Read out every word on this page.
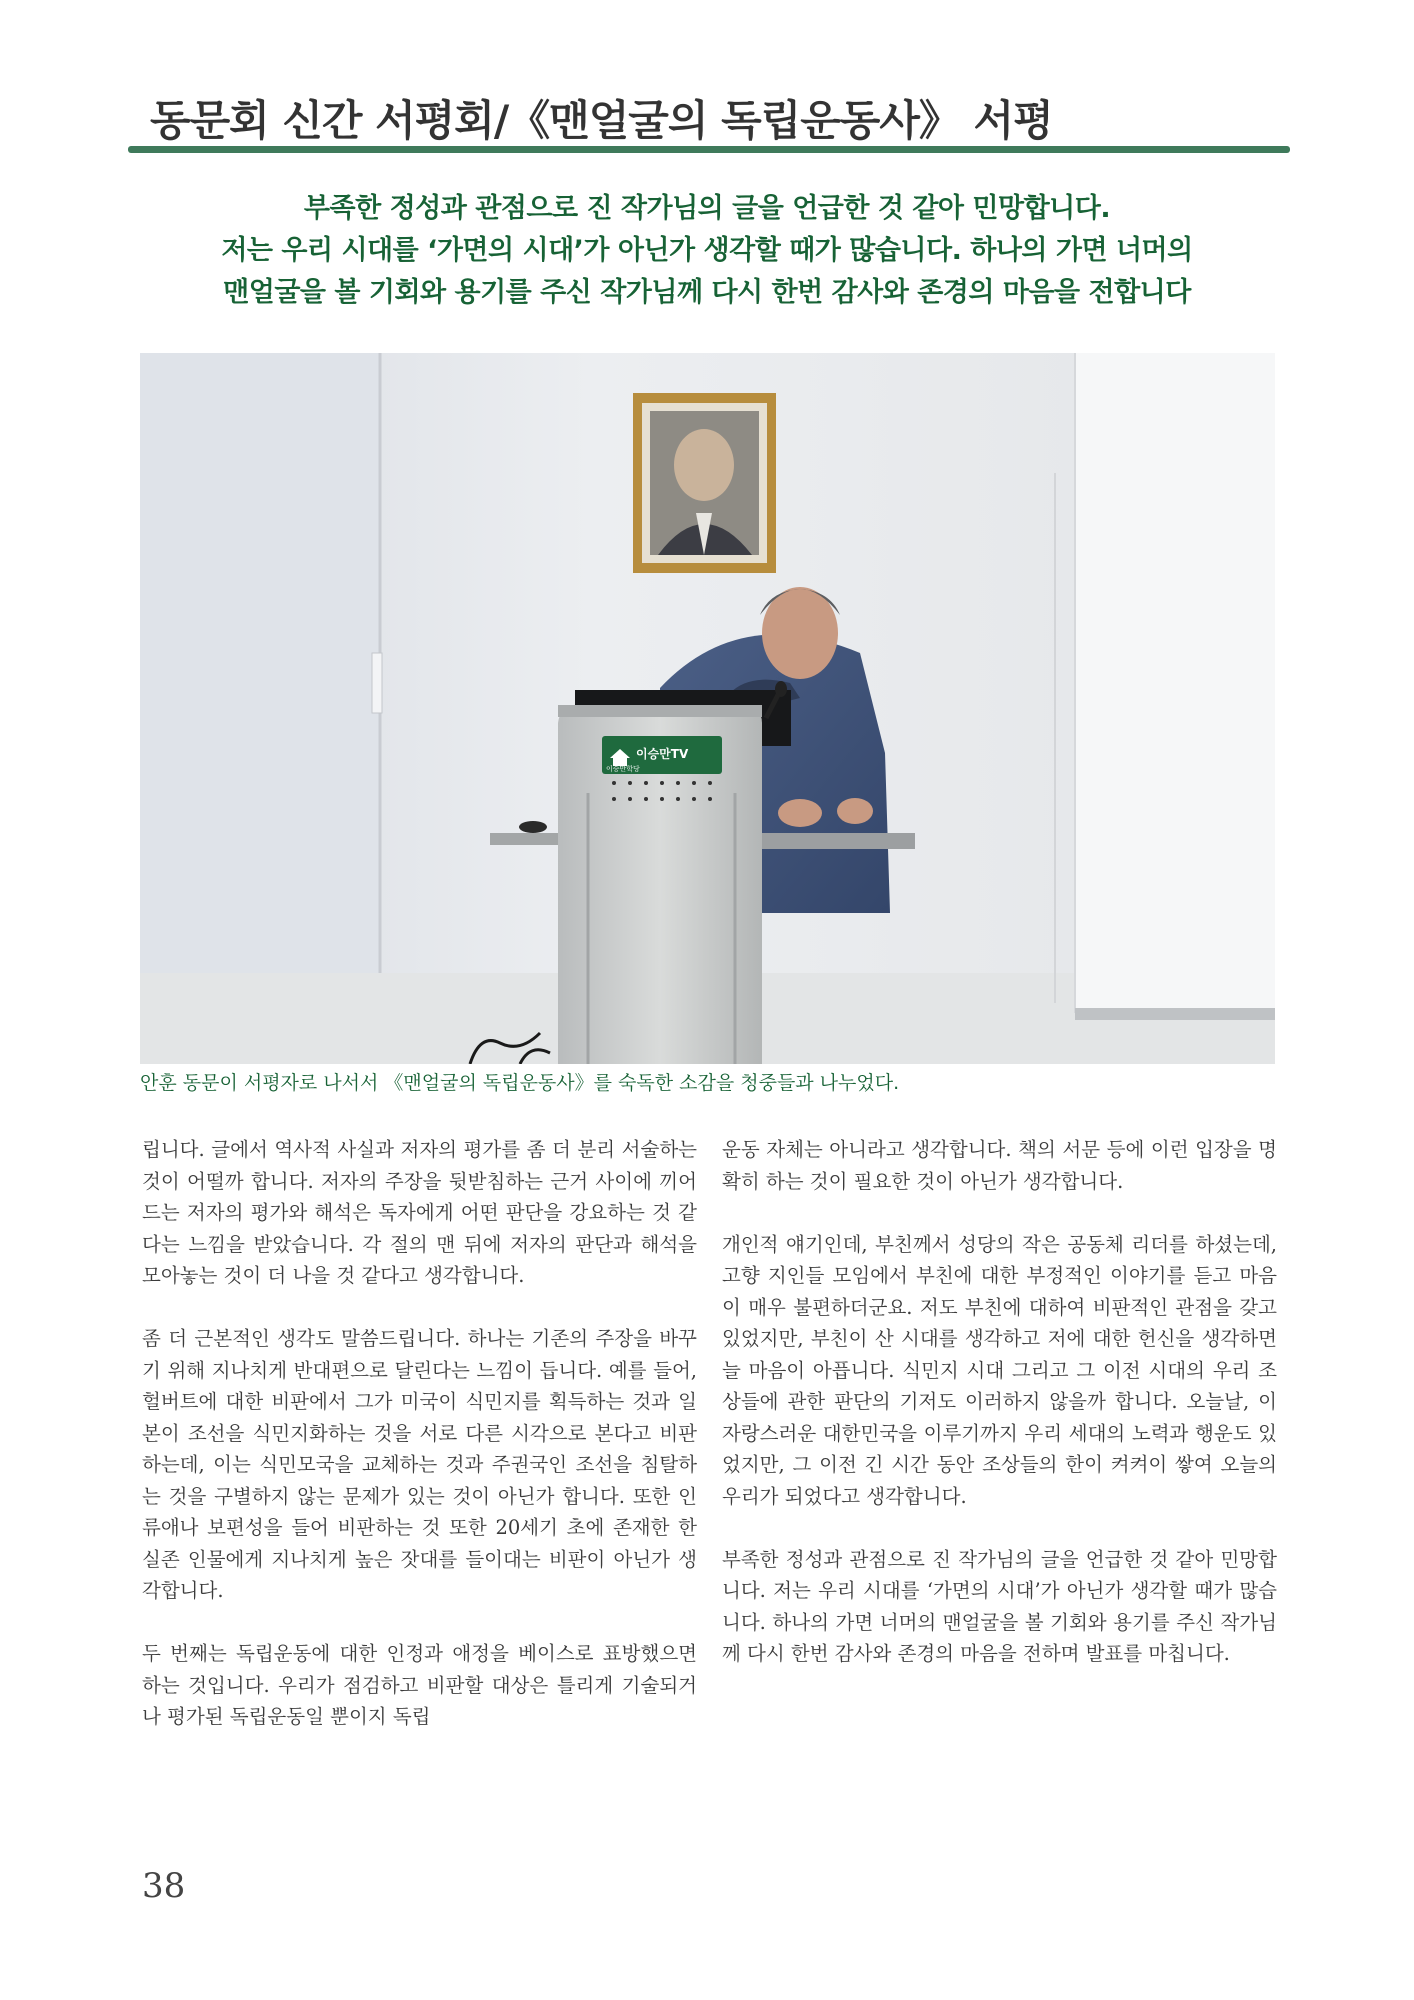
동문회 신간 서평회/《맨얼굴의 독립운동사》 서평
부족한 정성과 관점으로 진 작가님의 글을 언급한 것 같아 민망합니다.
저는 우리 시대를 ‘가면의 시대’가 아닌가 생각할 때가 많습니다. 하나의 가면 너머의
맨얼굴을 볼 기회와 용기를 주신 작가님께 다시 한번 감사와 존경의 마음을 전합니다
이승만TV
이승만학당
안훈 동문이 서평자로 나서서 《맨얼굴의 독립운동사》를 숙독한 소감을 청중들과 나누었다.

립니다. 글에서 역사적 사실과 저자의 평가를 좀 더 분리 서술하는 것이 어떨까 합니다. 저자의 주장을 뒷받침하는 근거 사이에 끼어드는 저자의 평가와 해석은 독자에게 어떤 판단을 강요하는 것 같다는 느낌을 받았습니다. 각 절의 맨 뒤에 저자의 판단과 해석을 모아놓는 것이 더 나을 것 같다고 생각합니다.

좀 더 근본적인 생각도 말씀드립니다. 하나는 기존의 주장을 바꾸기 위해 지나치게 반대편으로 달린다는 느낌이 듭니다. 예를 들어, 헐버트에 대한 비판에서 그가 미국이 식민지를 획득하는 것과 일본이 조선을 식민지화하는 것을 서로 다른 시각으로 본다고 비판하는데, 이는 식민모국을 교체하는 것과 주권국인 조선을 침탈하는 것을 구별하지 않는 문제가 있는 것이 아닌가 합니다. 또한 인류애나 보편성을 들어 비판하는 것 또한 20세기 초에 존재한 한 실존 인물에게 지나치게 높은 잣대를 들이대는 비판이 아닌가 생각합니다.

두 번째는 독립운동에 대한 인정과 애정을 베이스로 표방했으면 하는 것입니다. 우리가 점검하고 비판할 대상은 틀리게 기술되거나 평가된 독립운동일 뿐이지 독립

운동 자체는 아니라고 생각합니다. 책의 서문 등에 이런 입장을 명확히 하는 것이 필요한 것이 아닌가 생각합니다.

개인적 얘기인데, 부친께서 성당의 작은 공동체 리더를 하셨는데, 고향 지인들 모임에서 부친에 대한 부정적인 이야기를 듣고 마음이 매우 불편하더군요. 저도 부친에 대하여 비판적인 관점을 갖고 있었지만, 부친이 산 시대를 생각하고 저에 대한 헌신을 생각하면 늘 마음이 아픕니다. 식민지 시대 그리고 그 이전 시대의 우리 조상들에 관한 판단의 기저도 이러하지 않을까 합니다. 오늘날, 이 자랑스러운 대한민국을 이루기까지 우리 세대의 노력과 행운도 있었지만, 그 이전 긴 시간 동안 조상들의 한이 켜켜이 쌓여 오늘의 우리가 되었다고 생각합니다.

부족한 정성과 관점으로 진 작가님의 글을 언급한 것 같아 민망합니다. 저는 우리 시대를 ‘가면의 시대’가 아닌가 생각할 때가 많습니다. 하나의 가면 너머의 맨얼굴을 볼 기회와 용기를 주신 작가님께 다시 한번 감사와 존경의 마음을 전하며 발표를 마칩니다.

38
